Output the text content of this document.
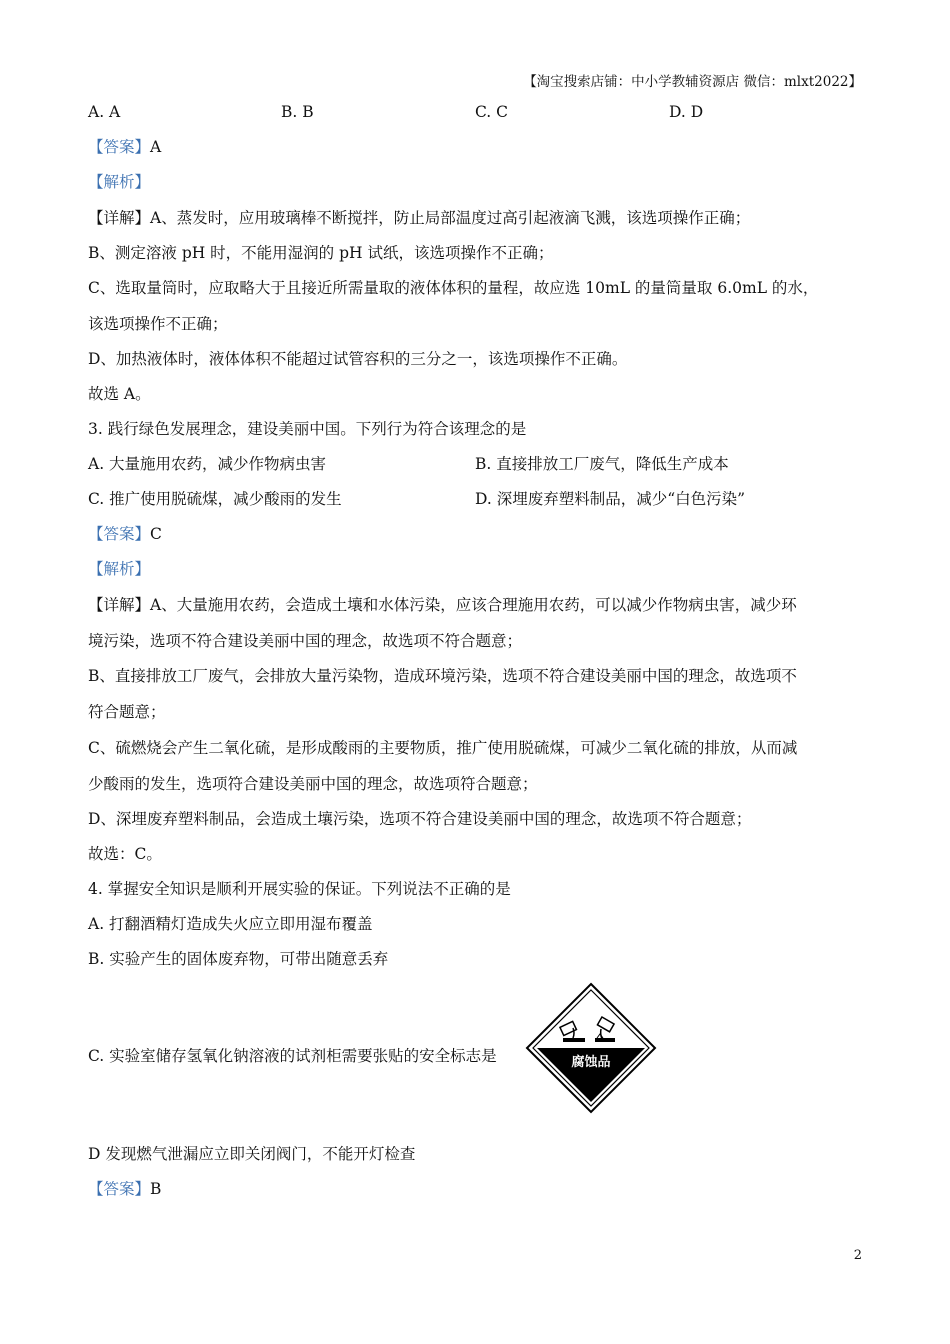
【淘宝搜索店铺：中小学教辅资源店 微信：mlxt2022】
A. A	B. B	C. C	D. D
【答案】A
【解析】
【详解】A、蒸发时，应用玻璃棒不断搅拌，防止局部温度过高引起液滴飞溅，该选项操作正确；
B、测定溶液 pH 时，不能用湿润的 pH 试纸，该选项操作不正确；
C、选取量筒时，应取略大于且接近所需量取的液体体积的量程，故应选 10mL 的量筒量取 6.0mL 的水，
该选项操作不正确；
D、加热液体时，液体体积不能超过试管容积的三分之一，该选项操作不正确。
故选 A。
3. 践行绿色发展理念，建设美丽中国。下列行为符合该理念的是
A. 大量施用农药，减少作物病虫害	B. 直接排放工厂废气，降低生产成本
C. 推广使用脱硫煤，减少酸雨的发生	D. 深埋废弃塑料制品，减少“白色污染”
【答案】C
【解析】
【详解】A、大量施用农药，会造成土壤和水体污染，应该合理施用农药，可以减少作物病虫害，减少环
境污染，选项不符合建设美丽中国的理念，故选项不符合题意；
B、直接排放工厂废气，会排放大量污染物，造成环境污染，选项不符合建设美丽中国的理念，故选项不
符合题意；
C、硫燃烧会产生二氧化硫，是形成酸雨的主要物质，推广使用脱硫煤，可减少二氧化硫的排放，从而减
少酸雨的发生，选项符合建设美丽中国的理念，故选项符合题意；
D、深埋废弃塑料制品，会造成土壤污染，选项不符合建设美丽中国的理念，故选项不符合题意；
故选：C。
4. 掌握安全知识是顺利开展实验的保证。下列说法不正确的是
A. 打翻酒精灯造成失火应立即用湿布覆盖
B. 实验产生的固体废弃物，可带出随意丢弃
C. 实验室储存氢氧化钠溶液的试剂柜需要张贴的安全标志是	腐蚀品
D 发现燃气泄漏应立即关闭阀门，不能开灯检查
【答案】B
2
